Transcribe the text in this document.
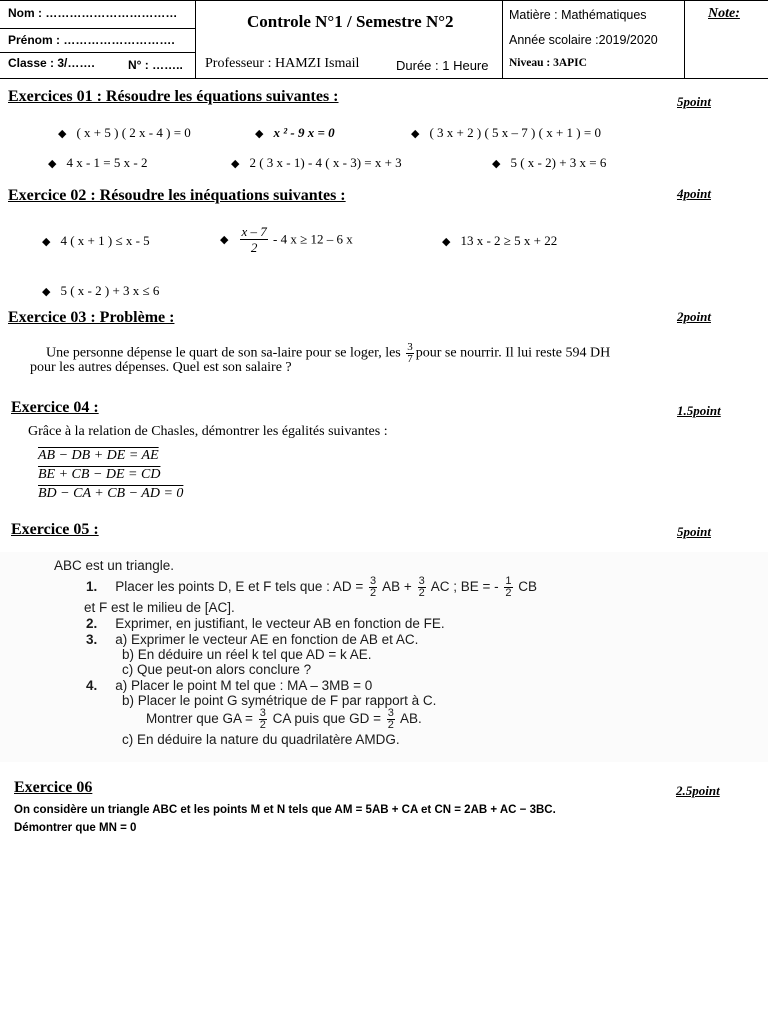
Nom : ……………………………
Prénom : ……………………….
Classe : 3/…….	N° : ……..
Controle N°1 / Semestre N°2
Professeur : HAMZI Ismail	Durée : 1 Heure
Matière : Mathématiques
Année scolaire :2019/2020
Niveau : 3APIC
Note:
Exercices 01 : Résoudre les équations suivantes :	5point
◆ ( x + 5 ) ( 2 x - 4 ) = 0	◆ x ² - 9 x = 0	◆ ( 3 x + 2 ) ( 5 x – 7 ) ( x + 1 ) = 0
◆ 4 x - 1 = 5 x - 2	◆ 2 ( 3 x - 1) - 4 ( x - 3) = x + 3	◆ 5 ( x - 2) + 3 x = 6
Exercice 02 : Résoudre les inéquations suivantes :	4point
◆ 4 ( x + 1 ) ≤ x - 5	◆ $\frac{x - 7}{2} - 4$ x ≥ 12 – 6 x	◆ 13 x - 2 ≥ 5 x + 22
◆ 5 ( x - 2 ) + 3 x ≤ 6
Exercice 03 : Problème :	2point
Une personne dépense le quart de son sa-laire pour se loger, les $\frac{3}{7}$ pour se nourrir. Il lui reste 594 DH
pour les autres dépenses. Quel est son salaire ?
Exercice 04 :	1.5point
Grâce à la relation de Chasles, démontrer les égalités suivantes :
AB − DB + DE = AE
BE + CB − DE = CD
BD − CA + CB − AD = 0
Exercice 05 :	5point
ABC est un triangle.
1. Placer les points D, E et F tels que : AD = $\frac{3}{2}$ AB + $\frac{3}{2}$ AC ; BE = - $\frac{1}{2}$ CB
et F est le milieu de [AC].
2. Exprimer, en justifiant, le vecteur AB en fonction de FE.
3. a) Exprimer le vecteur AE en fonction de AB et AC.
b) En déduire un réel k tel que AD = k AE.
c) Que peut-on alors conclure ?
4. a) Placer le point M tel que : MA – 3MB = 0
b) Placer le point G symétrique de F par rapport à C.
Montrer que GA = $\frac{3}{2}$ CA puis que GD = $\frac{3}{2}$ AB.
c) En déduire la nature du quadrilatère AMDG.
Exercice 06	2.5point
On considère un triangle ABC et les points M et N tels que AM = 5AB + CA et CN = 2AB + AC − 3BC.
Démontrer que MN = 0
